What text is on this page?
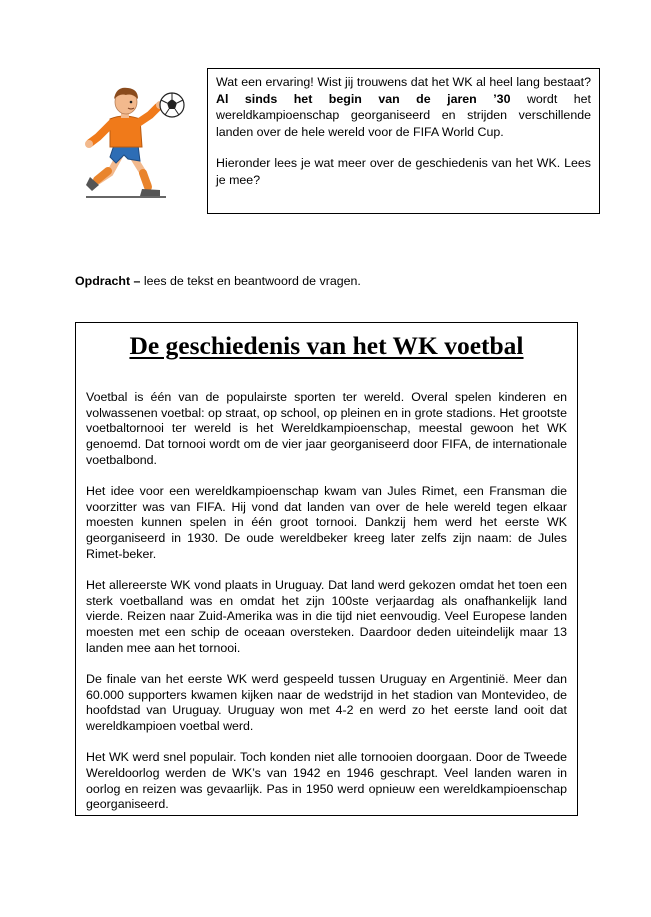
Wat een ervaring! Wist jij trouwens dat het WK al heel lang bestaat? Al sinds het begin van de jaren ’30 wordt het wereldkampioenschap georganiseerd en strijden verschillende landen over de hele wereld voor de FIFA World Cup.

Hieronder lees je wat meer over de geschiedenis van het WK. Lees je mee?

Opdracht – lees de tekst en beantwoord de vragen.
De geschiedenis van het WK voetbal

Voetbal is één van de populairste sporten ter wereld. Overal spelen kinderen en volwassenen voetbal: op straat, op school, op pleinen en in grote stadions. Het grootste voetbaltornooi ter wereld is het Wereldkampioenschap, meestal gewoon het WK genoemd. Dat tornooi wordt om de vier jaar georganiseerd door FIFA, de internationale voetbalbond.

Het idee voor een wereldkampioenschap kwam van Jules Rimet, een Fransman die voorzitter was van FIFA. Hij vond dat landen van over de hele wereld tegen elkaar moesten kunnen spelen in één groot tornooi. Dankzij hem werd het eerste WK georganiseerd in 1930. De oude wereldbeker kreeg later zelfs zijn naam: de Jules Rimet-beker.

Het allereerste WK vond plaats in Uruguay. Dat land werd gekozen omdat het toen een sterk voetballand was en omdat het zijn 100ste verjaardag als onafhankelijk land vierde. Reizen naar Zuid-Amerika was in die tijd niet eenvoudig. Veel Europese landen moesten met een schip de oceaan oversteken. Daardoor deden uiteindelijk maar 13 landen mee aan het tornooi.

De finale van het eerste WK werd gespeeld tussen Uruguay en Argentinië. Meer dan 60.000 supporters kwamen kijken naar de wedstrijd in het stadion van Montevideo, de hoofdstad van Uruguay. Uruguay won met 4-2 en werd zo het eerste land ooit dat wereldkampioen voetbal werd.

Het WK werd snel populair. Toch konden niet alle tornooien doorgaan. Door de Tweede Wereldoorlog werden de WK’s van 1942 en 1946 geschrapt. Veel landen waren in oorlog en reizen was gevaarlijk. Pas in 1950 werd opnieuw een wereldkampioenschap georganiseerd.
